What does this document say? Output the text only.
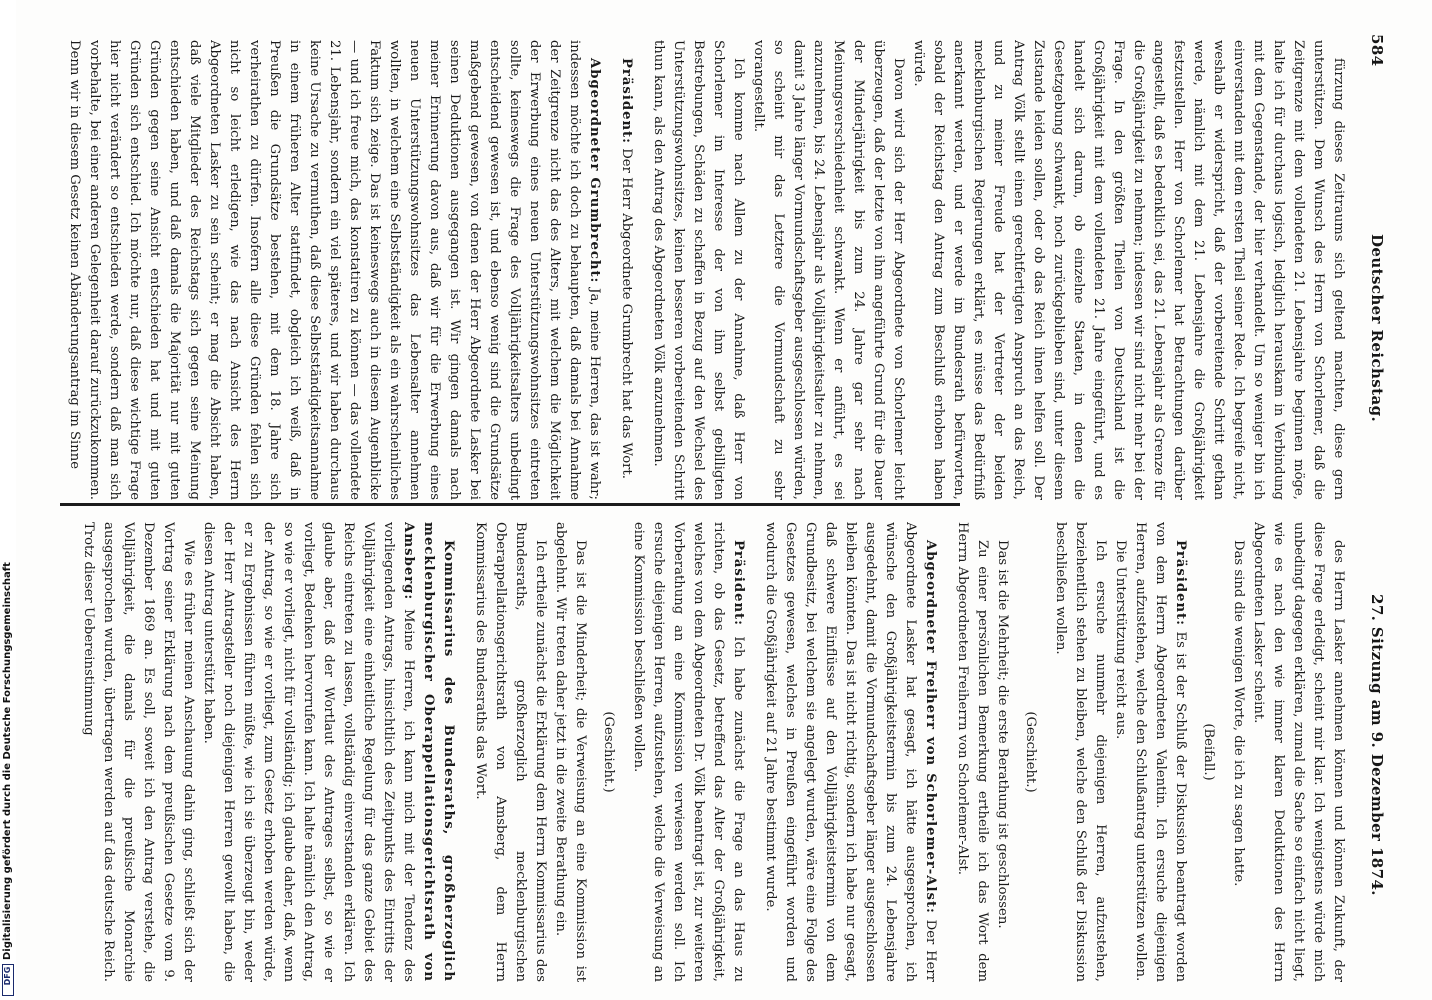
584
Deutscher Reichstag.27. Sitzung am 9. Dezember 1874.

fürzung dieses Zeitraums sich geltend machten, diese gern unterstützen. Dem Wunsch des Herrn von Schorlemer, daß die Zeitgrenze mit dem vollendeten 21. Lebensjahre beginnen möge, halte ich für durchaus logisch, lediglich herauskam in Verbindung mit dem Gegenstande, der hier verhandelt. Um so weniger bin ich einverstanden mit dem ersten Theil seiner Rede. Ich begreife nicht, weshalb er widerspricht, daß der vorbereitende Schritt gethan werde, nämlich mit dem 21. Lebensjahre die Großjährigkeit festzustellen. Herr von Schorlemer hat Betrachtungen darüber angestellt, daß es bedenklich sei, das 21. Lebensjahr als Grenze für die Großjährigkeit zu nehmen; indessen wir sind nicht mehr bei der Frage. In den größten Theilen von Deutschland ist die Großjährigkeit mit dem vollendeten 21. Jahre eingeführt, und es handelt sich darum, ob einzelne Staaten, in denen die Gesetzgebung schwankt, noch zurückgeblieben sind, unter diesem Zustande leiden sollen, oder ob das Reich ihnen helfen soll. Der Antrag Völk stellt einen gerechtfertigten Anspruch an das Reich, und zu meiner Freude hat der Vertreter der beiden mecklenburgischen Regierungen erklärt, es müsse das Bedürfniß anerkannt werden, und er werde im Bundesrath befürworten, sobald der Reichstag den Antrag zum Beschluß erhoben haben würde.

Davon wird sich der Herr Abgeordnete von Schorlemer leicht überzeugen, daß der letzte von ihm angeführte Grund für die Dauer der Minderjährigkeit bis zum 24. Jahre gar sehr nach Meinungsverschiedenheit schwankt. Wenn er anführt, es sei anzunehmen, bis 24. Lebensjahr als Volljährigkeitsalter zu nehmen, damit 3 Jahre länger Vormundschaftsgeber ausgeschlossen würden, so scheint mir das Letztere die Vormundschaft zu sehr vorangestellt.

Ich komme nach Allem zu der Annahme, daß Herr von Schorlemer im Interesse der von ihm selbst gebilligten Bestrebungen, Schäden zu schaffen in Bezug auf den Wechsel des Unterstützungswohnsitzes, keinen besseren vorbereitenden Schritt thun kann, als den Antrag des Abgeordneten Völk anzunehmen.

Präsident: Der Herr Abgeordnete Grumbrecht hat das Wort.

Abgeordneter Grumbrecht: Ja, meine Herren, das ist wahr; indessen möchte ich doch zu behaupten, daß damals bei Annahme der Zeitgrenze nicht das des Alters, mit welchem die Möglichkeit der Erwerbung eines neuen Unterstützungswohnsitzes eintreten sollte, keineswegs die Frage des Volljährigkeitsalters unbedingt entscheidend gewesen ist, und ebenso wenig sind die Grundsätze maßgebend gewesen, von denen der Herr Abgeordnete Lasker bei seinen Deduktionen ausgegangen ist. Wir gingen damals nach meiner Erinnerung davon aus, daß wir für die Erwerbung eines neuen Unterstützungswohnsitzes das Lebensalter annehmen wollten, in welchem eine Selbstständigkeit als ein wahrscheinliches Faktum sich zeige. Das ist keineswegs auch in diesem Augenblicke — und ich freue mich, das konstatiren zu können — das vollendete 21. Lebensjahr, sondern ein viel späteres, und wir haben durchaus keine Ursache zu vermuthen, daß diese Selbstständigkeitsannahme in einem früheren Alter stattfindet, obgleich ich weiß, daß in Preußen die Grundsätze bestehen, mit dem 18. Jahre sich verheirathen zu dürfen. Insofern alle diese Gründen fehlen sich nicht so leicht erledigen, wie das nach Ansicht des Herrn Abgeordneten Lasker zu sein scheint; er mag die Absicht haben, daß viele Mitglieder des Reichstags sich gegen seine Meinung entschieden haben, und daß damals die Majorität nur mit guten Gründen gegen seine Ansicht entschieden hat und mit guten Gründen sich entschied. Ich möchte nur, daß diese wichtige Frage hier nicht verändert so entschieden werde, sondern daß man sich vorbehalte, bei einer anderen Gelegenheit darauf zurückzukommen. Denn wir in diesem Gesetz keinen Abänderungsantrag im Sinne

des Herrn Lasker annehmen können und können Zukunft, der diese Frage erledigt, scheint mir klar. Ich wenigstens würde mich unbedingt dagegen erklären, zumal die Sache so einfach nicht liegt, wie es nach den wie immer klaren Deduktionen des Herrn Abgeordneten Lasker scheint.

Das sind die wenigen Worte, die ich zu sagen hatte.

(Beifall.)

Präsident: Es ist der Schluß der Diskussion beantragt worden von dem Herrn Abgeordneten Valentin. Ich ersuche diejenigen Herren, aufzustehen, welche den Schlußantrag unterstützen wollen.

Die Unterstützung reicht aus.

Ich ersuche nunmehr diejenigen Herren, aufzustehen, beziehentlich stehen zu bleiben, welche den Schluß der Diskussion beschließen wollen.

(Geschieht.)

Das ist die Mehrheit; die erste Berathung ist geschlossen.

Zu einer persönlichen Bemerkung ertheile ich das Wort dem Herrn Abgeordneten Freiherrn von Schorlemer-Alst.

Abgeordneter Freiherr von Schorlemer-Alst: Der Herr Abgeordnete Lasker hat gesagt, ich hätte ausgesprochen, ich wünsche den Großjährigkeitstermin bis zum 24. Lebensjahre ausgedehnt, damit die Vormundschaftsgeber länger ausgeschlossen bleiben könnten. Das ist nicht richtig, sondern ich habe nur gesagt, daß schwere Einflüsse auf den Volljährigkeitstermin von dem Grundbesitz, bei welchem sie angelegt wurden, wäre eine Folge des Gesetzes gewesen, welches in Preußen eingeführt worden und wodurch die Großjährigkeit auf 21 Jahre bestimmt wurde.

Präsident: Ich habe zunächst die Frage an das Haus zu richten, ob das Gesetz, betreffend das Alter der Großjährigkeit, welches von dem Abgeordneten Dr. Völk beantragt ist, zur weiteren Vorberathung an eine Kommission verwiesen werden soll. Ich ersuche diejenigen Herren, aufzustehen, welche die Verweisung an eine Kommission beschließen wollen.

(Geschieht.)

Das ist die Minderheit; die Verweisung an eine Kommission ist abgelehnt. Wir treten daher jetzt in die zweite Berathung ein.

Ich ertheile zunächst die Erklärung dem Herrn Kommissarius des Bundesraths, großherzoglich mecklenburgischen Oberappellationsgerichtsrath von Amsberg, dem Herrn Kommissarius des Bundesraths das Wort.

Kommissarius des Bundesraths, großherzoglich mecklenburgischer Oberappellationsgerichtsrath von Amsberg: Meine Herren, ich kann mich mit der Tendenz des vorliegenden Antrags, hinsichtlich des Zeitpunkts des Eintritts der Volljährigkeit eine einheitliche Regelung für das ganze Gebiet des Reichs eintreten zu lassen, vollständig einverstanden erklären. Ich glaube aber, daß der Wortlaut des Antrages selbst, so wie er vorliegt, Bedenken hervorrufen kann. Ich halte nämlich den Antrag, so wie er vorliegt, nicht für vollständig; ich glaube daher, daß, wenn der Antrag, so wie er vorliegt, zum Gesetz erhoben werden würde, er zu Ergebnissen führen müßte, wie ich sie überzeugt bin, weder der Herr Antragsteller noch diejenigen Herren gewollt haben, die diesen Antrag unterstützt haben.

Wie es früher meinen Anschauung dahin ging, schließt sich der Vortrag seiner Erklärung nach dem preußischen Gesetze vom 9. Dezember 1869 an. Es soll, soweit ich den Antrag verstehe, die Volljährigkeit, die damals für die preußische Monarchie ausgesprochen wurden, übertragen werden auf das deutsche Reich. Trotz dieser Uebereinstimmung

Digitalisierung gefördert durch die Deutsche Forschungsgemeinschaft
DFG
